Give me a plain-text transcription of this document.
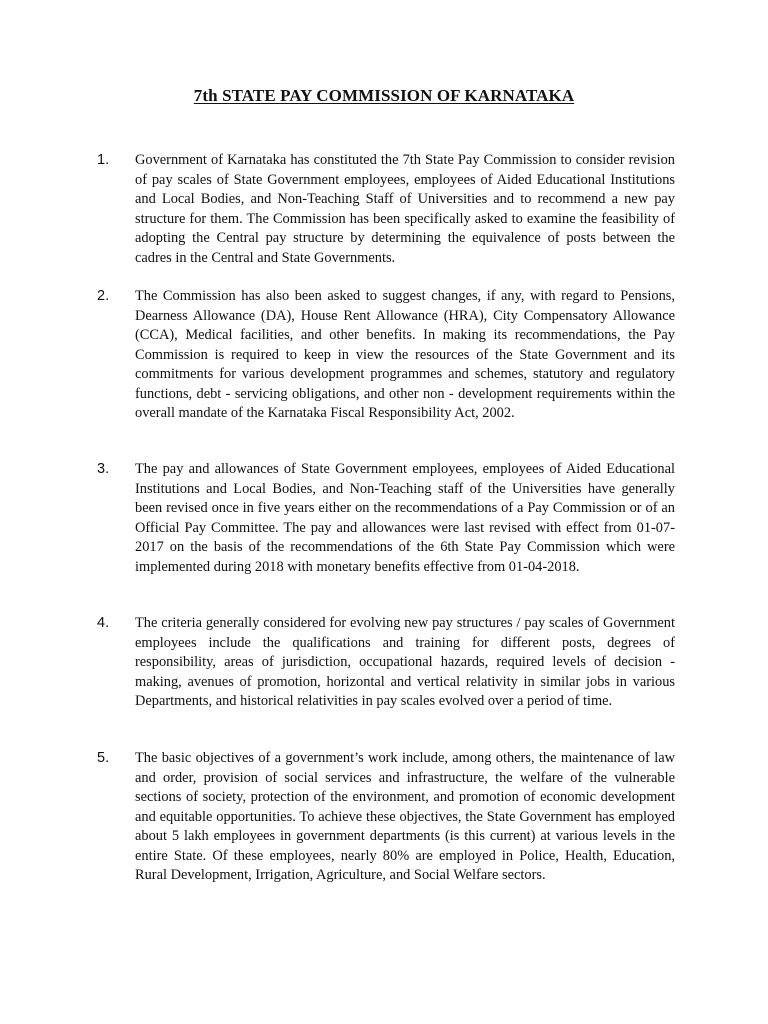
7th STATE PAY COMMISSION OF KARNATAKA
1. Government of Karnataka has constituted the 7th State Pay Commission to consider revision of pay scales of State Government employees, employees of Aided Educational Institutions and Local Bodies, and Non-Teaching Staff of Universities and to recommend a new pay structure for them. The Commission has been specifically asked to examine the feasibility of adopting the Central pay structure by determining the equivalence of posts between the cadres in the Central and State Governments.

2. The Commission has also been asked to suggest changes, if any, with regard to Pensions, Dearness Allowance (DA), House Rent Allowance (HRA), City Compensatory Allowance (CCA), Medical facilities, and other benefits. In making its recommendations, the Pay Commission is required to keep in view the resources of the State Government and its commitments for various development programmes and schemes, statutory and regulatory functions, debt - servicing obligations, and other non - development requirements within the overall mandate of the Karnataka Fiscal Responsibility Act, 2002.

3. The pay and allowances of State Government employees, employees of Aided Educational Institutions and Local Bodies, and Non-Teaching staff of the Universities have generally been revised once in five years either on the recommendations of a Pay Commission or of an Official Pay Committee. The pay and allowances were last revised with effect from 01-07-2017 on the basis of the recommendations of the 6th State Pay Commission which were implemented during 2018 with monetary benefits effective from 01-04-2018.

4. The criteria generally considered for evolving new pay structures / pay scales of Government employees include the qualifications and training for different posts, degrees of responsibility, areas of jurisdiction, occupational hazards, required levels of decision - making, avenues of promotion, horizontal and vertical relativity in similar jobs in various Departments, and historical relativities in pay scales evolved over a period of time.

5. The basic objectives of a government’s work include, among others, the maintenance of law and order, provision of social services and infrastructure, the welfare of the vulnerable sections of society, protection of the environment, and promotion of economic development and equitable opportunities. To achieve these objectives, the State Government has employed about 5 lakh employees in government departments (is this current) at various levels in the entire State. Of these employees, nearly 80% are employed in Police, Health, Education, Rural Development, Irrigation, Agriculture, and Social Welfare sectors.
